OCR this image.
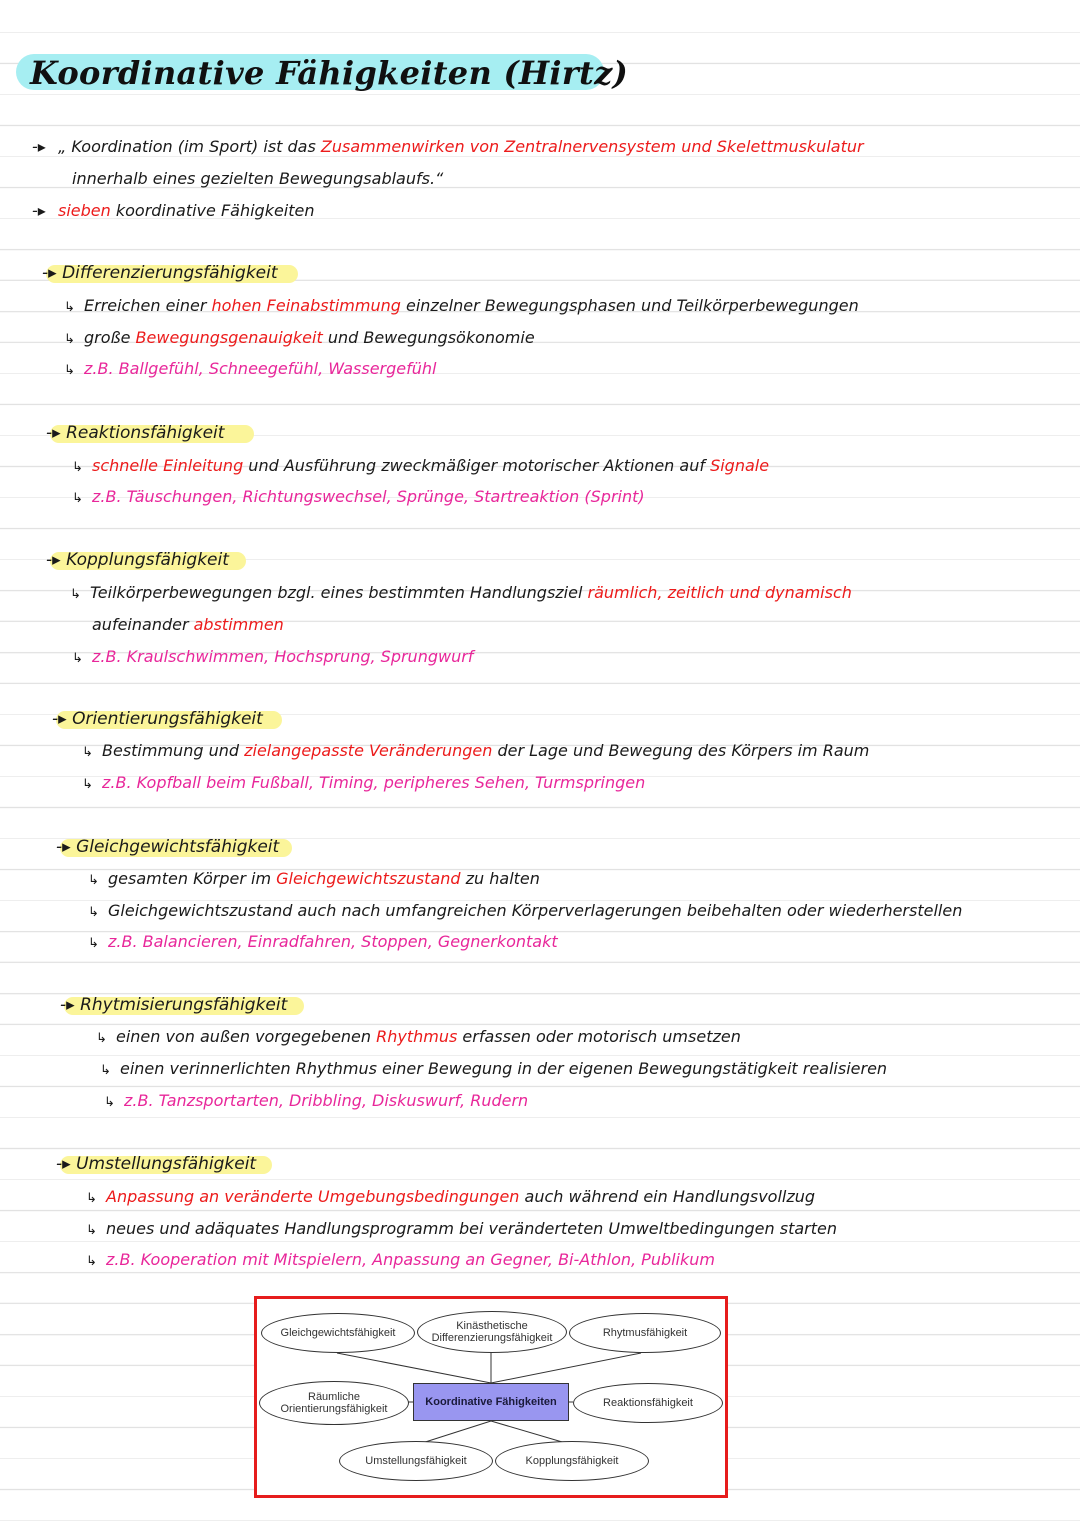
Koordinative Fähigkeiten (Hirtz)
-▸ „ Koordination (im Sport) ist das Zusammenwirken von Zentralnervensystem und Skelettmuskulatur
innerhalb eines gezielten Bewegungsablaufs.“
-▸ sieben koordinative Fähigkeiten
-▸ Differenzierungsfähigkeit
↳ Erreichen einer hohen Feinabstimmung einzelner Bewegungsphasen und Teilkörperbewegungen
↳ große Bewegungsgenauigkeit und Bewegungsökonomie
↳ z.B. Ballgefühl, Schneegefühl, Wassergefühl
-▸ Reaktionsfähigkeit
↳ schnelle Einleitung und Ausführung zweckmäßiger motorischer Aktionen auf Signale
↳ z.B. Täuschungen, Richtungswechsel, Sprünge, Startreaktion (Sprint)
-▸ Kopplungsfähigkeit
↳ Teilkörperbewegungen bzgl. eines bestimmten Handlungsziel räumlich, zeitlich und dynamisch
aufeinander abstimmen
↳ z.B. Kraulschwimmen, Hochsprung, Sprungwurf
-▸ Orientierungsfähigkeit
↳ Bestimmung und zielangepasste Veränderungen der Lage und Bewegung des Körpers im Raum
↳ z.B. Kopfball beim Fußball, Timing, peripheres Sehen, Turmspringen
-▸ Gleichgewichtsfähigkeit
↳ gesamten Körper im Gleichgewichtszustand zu halten
↳ Gleichgewichtszustand auch nach umfangreichen Körperverlagerungen beibehalten oder wiederherstellen
↳ z.B. Balancieren, Einradfahren, Stoppen, Gegnerkontakt
-▸ Rhytmisierungsfähigkeit
↳ einen von außen vorgegebenen Rhythmus erfassen oder motorisch umsetzen
↳ einen verinnerlichten Rhythmus einer Bewegung in der eigenen Bewegungstätigkeit realisieren
↳ z.B. Tanzsportarten, Dribbling, Diskuswurf, Rudern
-▸ Umstellungsfähigkeit
↳ Anpassung an veränderte Umgebungsbedingungen auch während ein Handlungsvollzug
↳ neues und adäquates Handlungsprogramm bei veränderteten Umweltbedingungen starten
↳ z.B. Kooperation mit Mitspielern, Anpassung an Gegner, Bi-Athlon, Publikum
Gleichgewichtsfähigkeit
Kinästhetische
Differenzierungsfähigkeit	Rhytmusfähigkeit
Räumliche
Orientierungsfähigkeit
Koordinative Fähigkeiten	Reaktionsfähigkeit
Umstellungsfähigkeit	Kopplungsfähigkeit
